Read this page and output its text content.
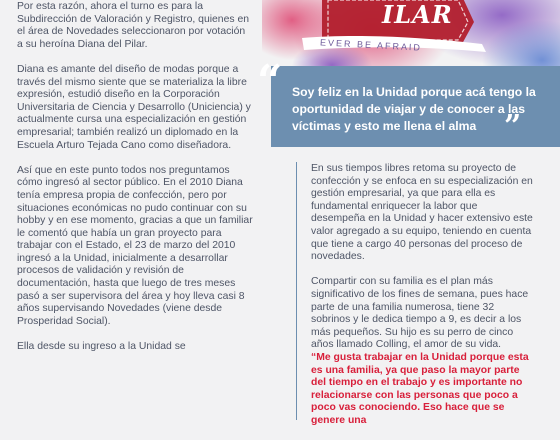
Por esta razón, ahora el turno es para la Subdirección de Valoración y Registro, quienes en el área de Novedades seleccionaron por votación a su heroína Diana del Pilar.

Diana es amante del diseño de modas porque a través del mismo siente que se materializa la libre expresión, estudió diseño en la Corporación Universitaria de Ciencia y Desarrollo (Uniciencia) y actualmente cursa una especialización en gestión empresarial; también realizó un diplomado en la Escuela Arturo Tejada Cano como diseñadora.

Así que en este punto todos nos preguntamos cómo ingresó al sector público. En el 2010 Diana tenía empresa propia de confección, pero por situaciones económicas no pudo continuar con su hobby y en ese momento, gracias a que un familiar le comentó que había un gran proyecto para trabajar con el Estado, el 23 de marzo del 2010 ingresó a la Unidad, inicialmente a desarrollar procesos de validación y revisión de documentación, hasta que luego de tres meses pasó a ser supervisora del área y hoy lleva casi 8 años supervisando Novedades (viene desde Prosperidad Social).

Ella desde su ingreso a la Unidad se

ILAR
EVER BE AFRAID
“ Soy feliz en la Unidad porque acá tengo la oportunidad de viajar y de conocer a las víctimas y esto me llena el alma ”

En sus tiempos libres retoma su proyecto de confección y se enfoca en su especialización en gestión empresarial, ya que para ella es fundamental enriquecer la labor que desempeña en la Unidad y hacer extensivo este valor agregado a su equipo, teniendo en cuenta que tiene a cargo 40 personas del proceso de novedades.

Compartir con su familia es el plan más significativo de los fines de semana, pues hace parte de una familia numerosa, tiene 32 sobrinos y le dedica tiempo a 9, es decir a los más pequeños. Su hijo es su perro de cinco años llamado Colling, el amor de su vida.

“Me gusta trabajar en la Unidad porque esta es una familia, ya que paso la mayor parte del tiempo en el trabajo y es importante no relacionarse con las personas que poco a poco vas conociendo. Eso hace que se genere una
